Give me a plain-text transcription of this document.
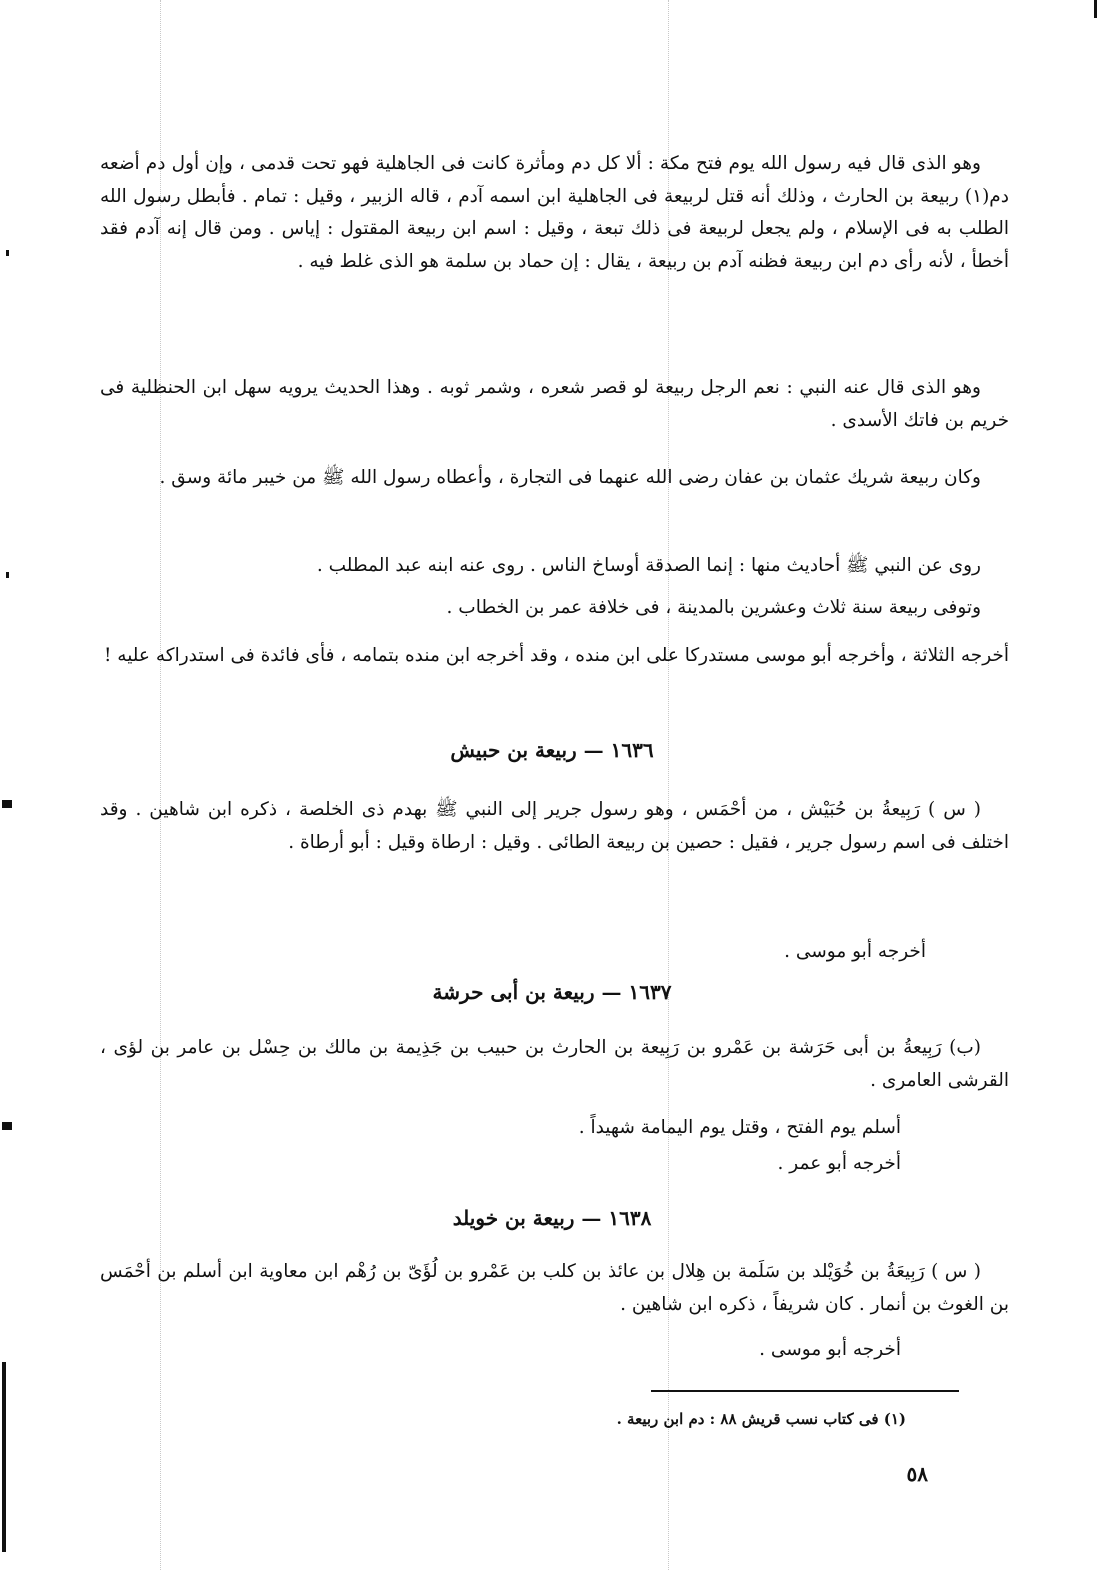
وهو الذى قال فيه رسول الله يوم فتح مكة : ألا كل دم ومأثرة كانت فى الجاهلية فهو تحت قدمى ، وإن أول دم أضعه دم(١) ربيعة بن الحارث ، وذلك أنه قتل لربيعة فى الجاهلية ابن اسمه آدم ، قاله الزبير ، وقيل : تمام . فأبطل رسول الله الطلب به فى الإسلام ، ولم يجعل لربيعة فى ذلك تبعة ، وقيل : اسم ابن ربيعة المقتول : إياس . ومن قال إنه آدم فقد أخطأ ، لأنه رأى دم ابن ربيعة فظنه آدم بن ربيعة ، يقال : إن حماد بن سلمة هو الذى غلط فيه .

وهو الذى قال عنه النبي : نعم الرجل ربيعة لو قصر شعره ، وشمر ثوبه . وهذا الحديث يرويه سهل ابن الحنظلية فى خريم بن فاتك الأسدى .

وكان ربيعة شريك عثمان بن عفان رضى الله عنهما فى التجارة ، وأعطاه رسول الله ﷺ من خيبر مائة وسق .

روى عن النبي ﷺ أحاديث منها : إنما الصدقة أوساخ الناس . روى عنه ابنه عبد المطلب .

وتوفى ربيعة سنة ثلاث وعشرين بالمدينة ، فى خلافة عمر بن الخطاب .

أخرجه الثلاثة ، وأخرجه أبو موسى مستدركا على ابن منده ، وقد أخرجه ابن منده بتمامه ، فأى فائدة فى استدراكه عليه !

١٦٣٦ — ربيعة بن حبيش

( س ) رَبِيعةُ بن حُبَيْش ، من أحْمَس ، وهو رسول جرير إلى النبي ﷺ بهدم ذى الخلصة ، ذكره ابن شاهين . وقد اختلف فى اسم رسول جرير ، فقيل : حصين بن ربيعة الطائى . وقيل : ارطاة وقيل : أبو أرطاة .

أخرجه أبو موسى .

١٦٣٧ — ربيعة بن أبى حرشة

(ب) رَبِيعةُ بن أبى حَرَشة بن عَمْرو بن رَبِيعة بن الحارث بن حبيب بن جَذِيمة بن مالك بن حِسْل بن عامر بن لؤى ، القرشى العامرى .

أسلم يوم الفتح ، وقتل يوم اليمامة شهيداً .

أخرجه أبو عمر .

١٦٣٨ — ربيعة بن خويلد

( س ) رَبِيعَةُ بن خُوَيْلد بن سَلَمة بن هِلال بن عائذ بن كلب بن عَمْرو بن لُؤَىّ بن رُهْم ابن معاوية ابن أسلم بن أحْمَس بن الغوث بن أنمار . كان شريفاً ، ذكره ابن شاهين .

أخرجه أبو موسى .

(١) فى كتاب نسب قريش ٨٨ : دم ابن ربيعة .

٥٨
